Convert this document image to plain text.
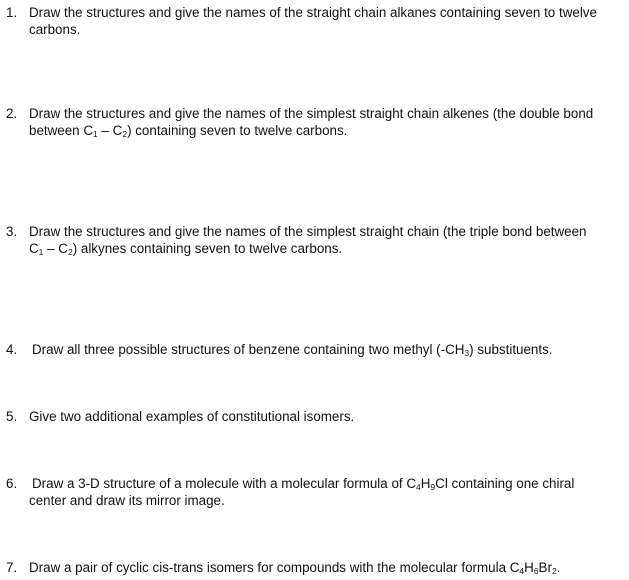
1. Draw the structures and give the names of the straight chain alkanes containing seven to twelve carbons.
2. Draw the structures and give the names of the simplest straight chain alkenes (the double bond between $C_1 - C_2$) containing seven to twelve carbons.
3. Draw the structures and give the names of the simplest straight chain (the triple bond between $C_1 - C_2$) alkynes containing seven to twelve carbons.
4. Draw all three possible structures of benzene containing two methyl $(-CH_3)$ substituents.
5. Give two additional examples of constitutional isomers.
6. Draw a 3-D structure of a molecule with a molecular formula of $C_4H_9Cl$ containing one chiral
center and draw its mirror image.
7. Draw a pair of cyclic cis-trans isomers for compounds with the molecular formula $C_4H_6Br_2$.
